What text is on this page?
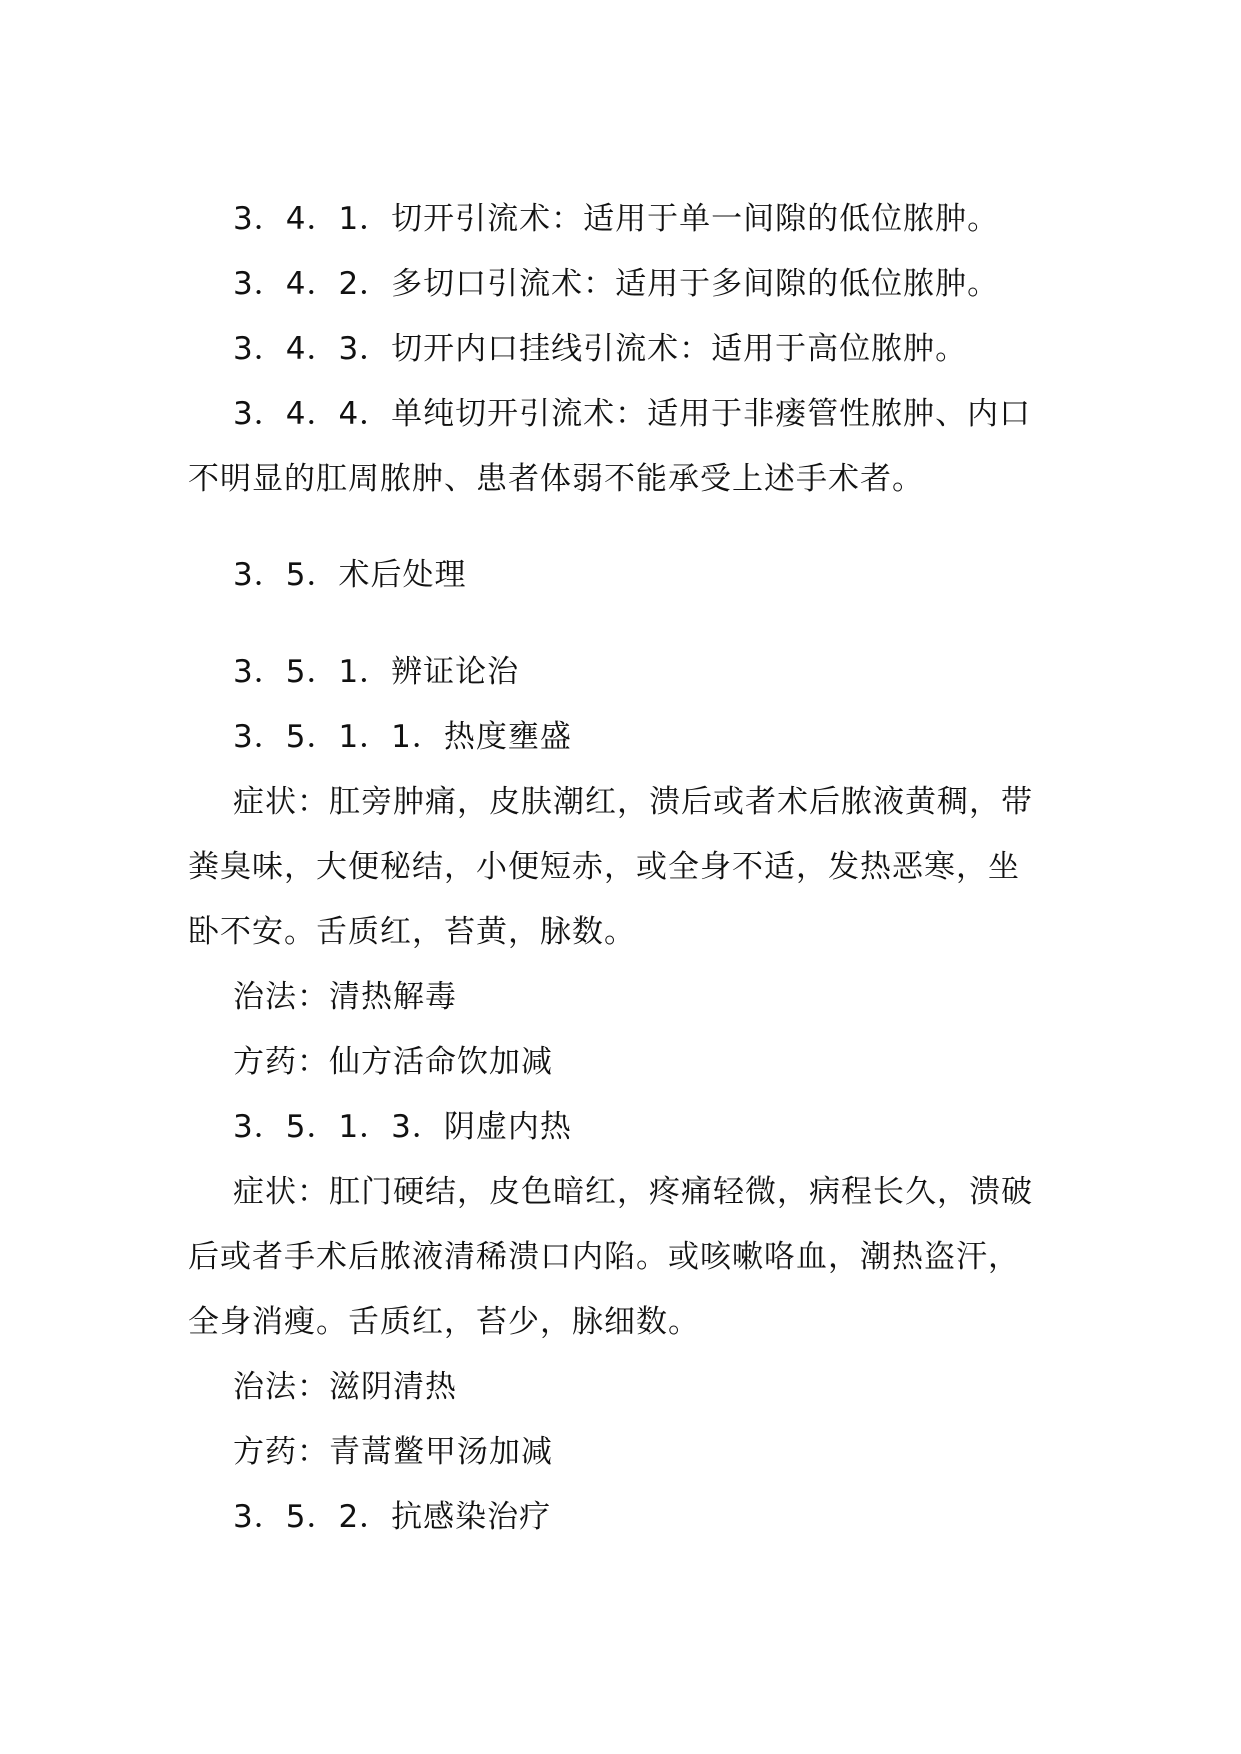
3．4．1．切开引流术：适用于单一间隙的低位脓肿。
3．4．2．多切口引流术：适用于多间隙的低位脓肿。
3．4．3．切开内口挂线引流术：适用于高位脓肿。
3．4．4．单纯切开引流术：适用于非瘘管性脓肿、内口
不明显的肛周脓肿、患者体弱不能承受上述手术者。
3．5．术后处理
3．5．1．辨证论治
3．5．1．1．热度壅盛
症状：肛旁肿痛，皮肤潮红，溃后或者术后脓液黄稠，带
粪臭味，大便秘结，小便短赤，或全身不适，发热恶寒，坐
卧不安。舌质红，苔黄，脉数。
治法：清热解毒
方药：仙方活命饮加减
3．5．1．3．阴虚内热
症状：肛门硬结，皮色暗红，疼痛轻微，病程长久，溃破
后或者手术后脓液清稀溃口内陷。或咳嗽咯血，潮热盗汗，
全身消瘦。舌质红，苔少，脉细数。
治法：滋阴清热
方药：青蒿鳖甲汤加减
3．5．2．抗感染治疗
